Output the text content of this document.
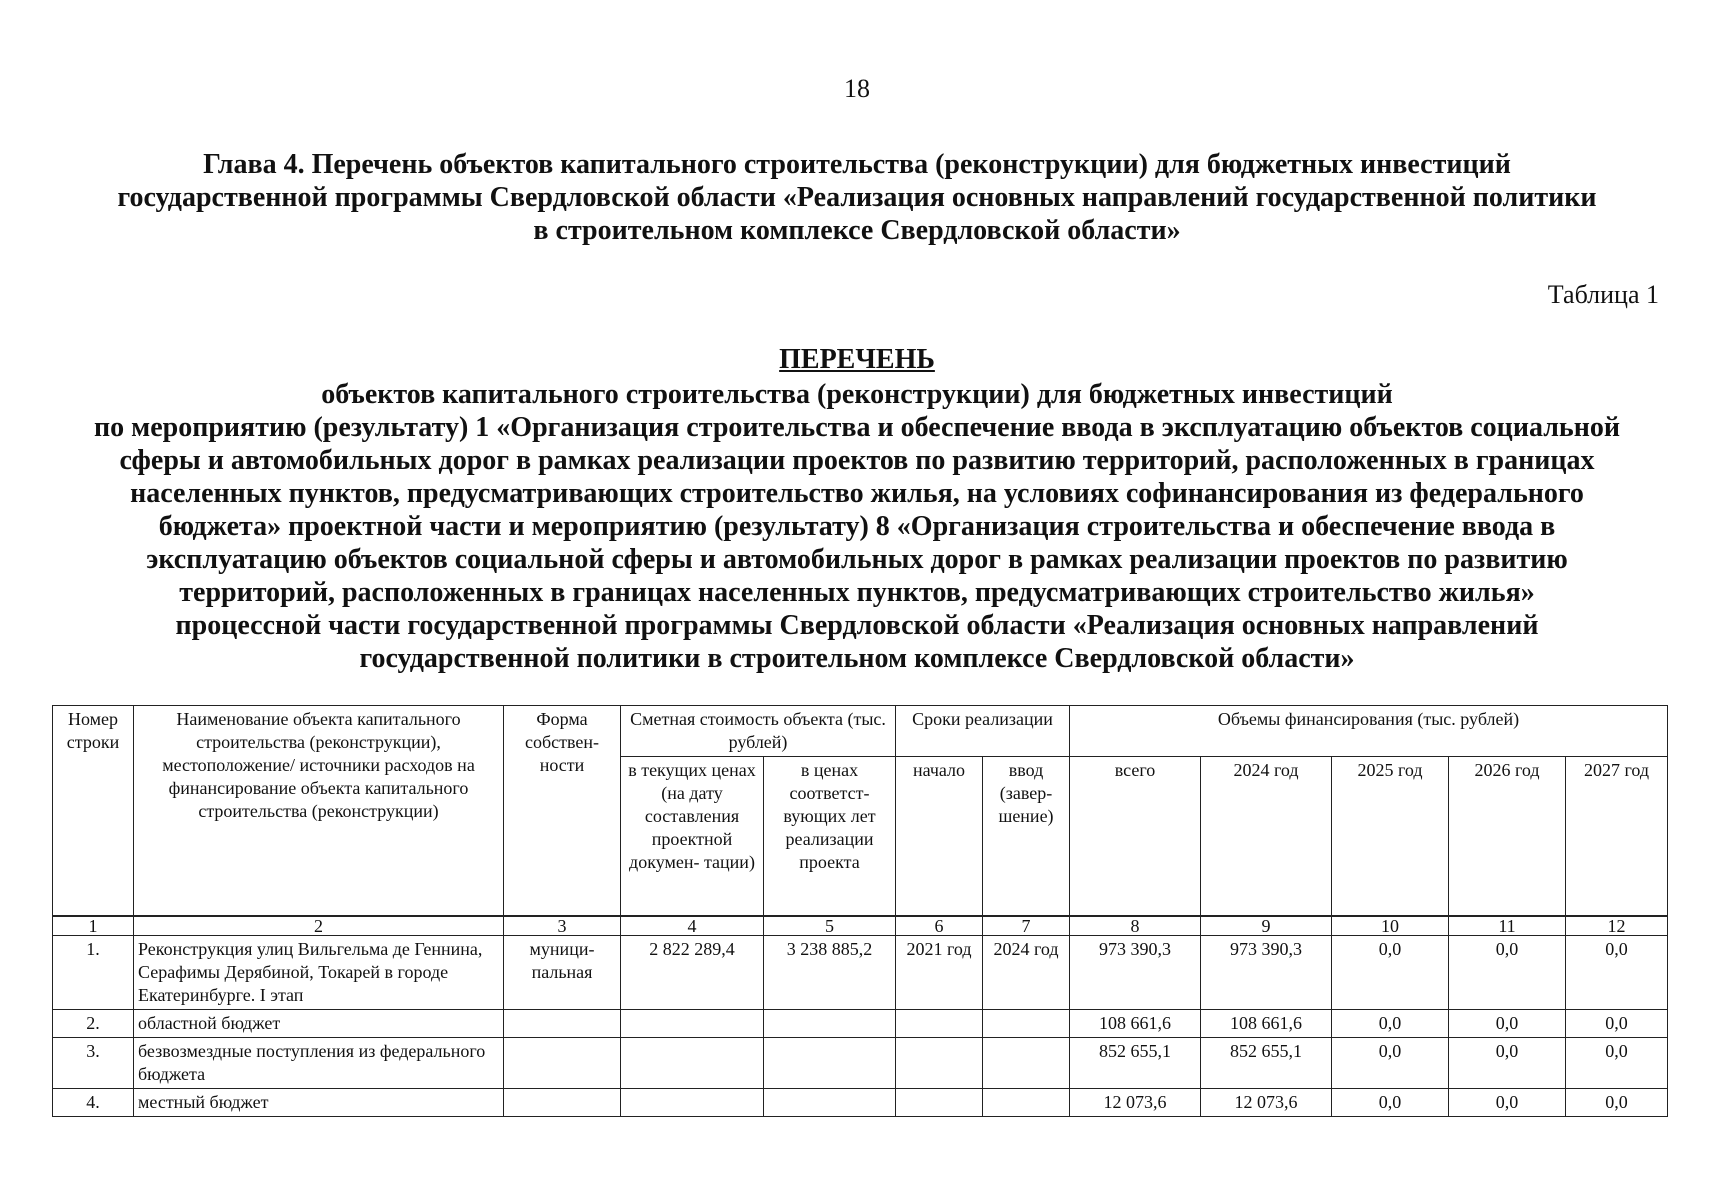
18
Глава 4. Перечень объектов капитального строительства (реконструкции) для бюджетных инвестиций
государственной программы Свердловской области «Реализация основных направлений государственной политики
в строительном комплексе Свердловской области»
Таблица 1
ПЕРЕЧЕНЬ
объектов капитального строительства (реконструкции) для бюджетных инвестиций
по мероприятию (результату) 1 «Организация строительства и обеспечение ввода в эксплуатацию объектов социальной
сферы и автомобильных дорог в рамках реализации проектов по развитию территорий, расположенных в границах
населенных пунктов, предусматривающих строительство жилья, на условиях софинансирования из федерального
бюджета» проектной части и мероприятию (результату) 8 «Организация строительства и обеспечение ввода в
эксплуатацию объектов социальной сферы и автомобильных дорог в рамках реализации проектов по развитию
территорий, расположенных в границах населенных пунктов, предусматривающих строительство жилья»
процессной части государственной программы Свердловской области «Реализация основных направлений
государственной политики в строительном комплексе Свердловской области»
Номер строки	Наименование объекта капитального строительства (реконструкции), местоположение/ источники расходов на финансирование объекта капитального строительства (реконструкции)	Форма собствен- ности	Сметная стоимость объекта (тыс. рублей)		Сроки реализации		Объемы финансирования (тыс. рублей)				
			в текущих ценах (на дату составления проектной докумен- тации)	в ценах соответст- вующих лет реализации проекта	начало	ввод (завер- шение)	всего	2024 год	2025 год	2026 год	2027 год
1	2	3	4	5	6	7	8	9	10	11	12
1.	Реконструкция улиц Вильгельма де Геннина, Серафимы Дерябиной, Токарей в городе Екатеринбурге. I этап	муници- пальная	2 822 289,4	3 238 885,2	2021 год	2024 год	973 390,3	973 390,3	0,0	0,0	0,0
2.	областной бюджет						108 661,6	108 661,6	0,0	0,0	0,0
3.	безвозмездные поступления из федерального бюджета						852 655,1	852 655,1	0,0	0,0	0,0
4.	местный бюджет						12 073,6	12 073,6	0,0	0,0	0,0
